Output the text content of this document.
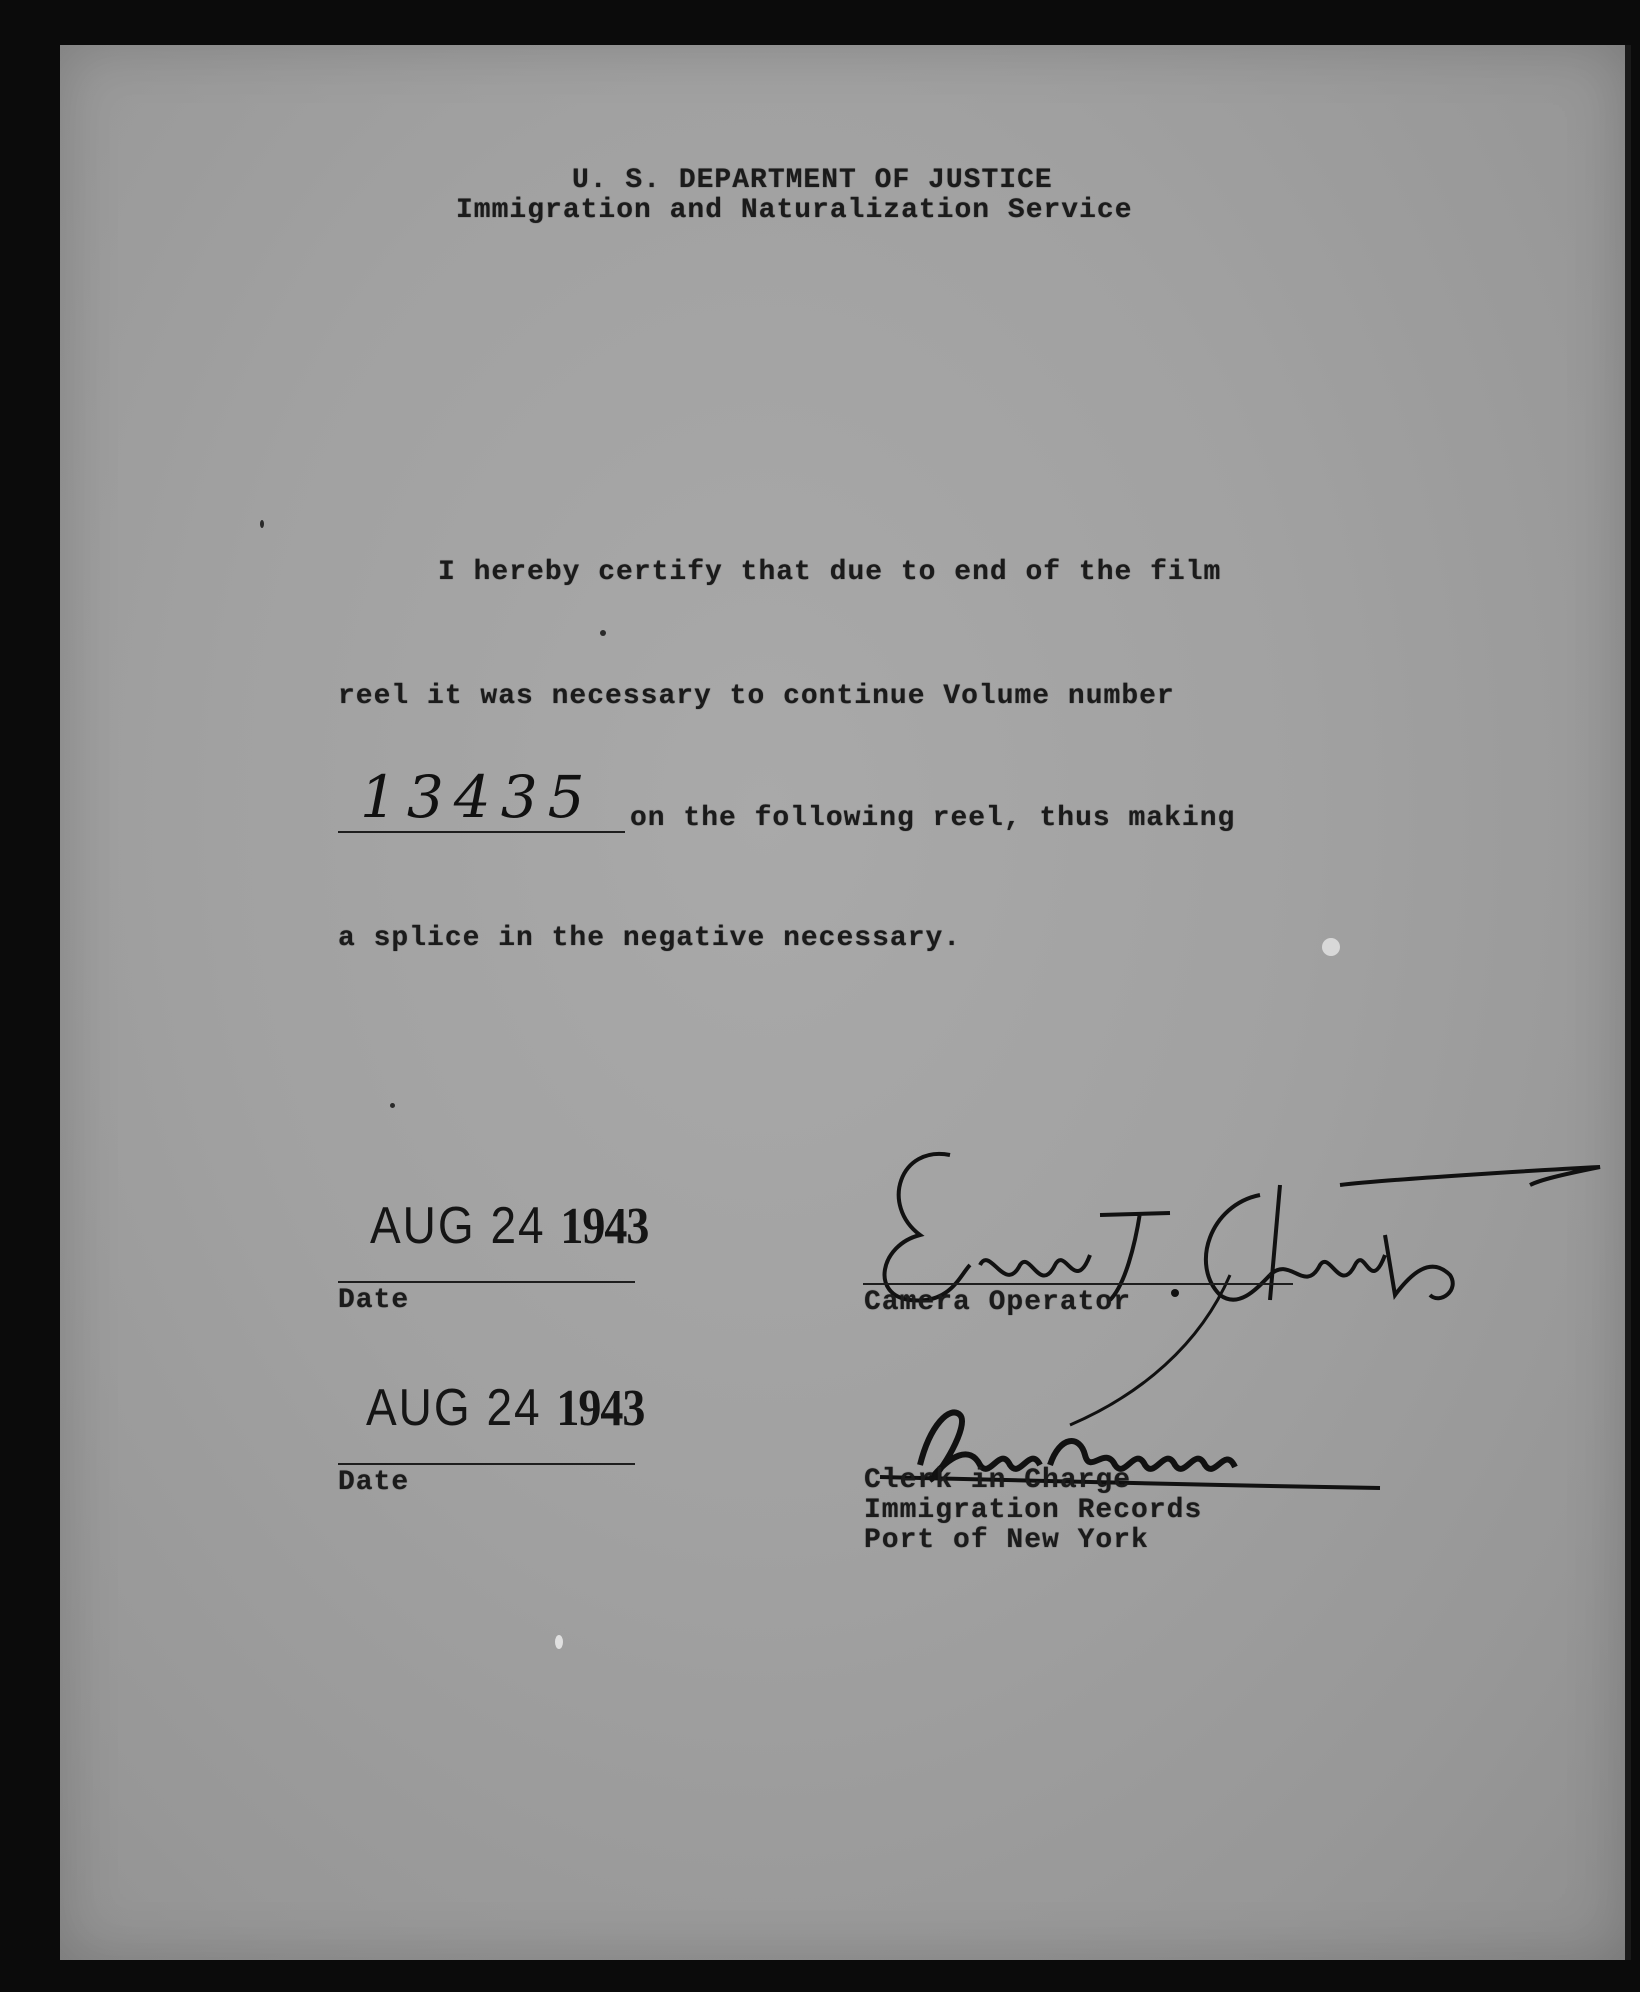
U. S. DEPARTMENT OF JUSTICE
Immigration and Naturalization Service
I hereby certify that due to end of the film
reel it was necessary to continue Volume number
13435 on the following reel, thus making
a splice in the negative necessary.
AUG 24 1943
Date
AUG 24 1943
Date
Camera Operator
Clerk in Charge
Immigration Records
Port of New York
